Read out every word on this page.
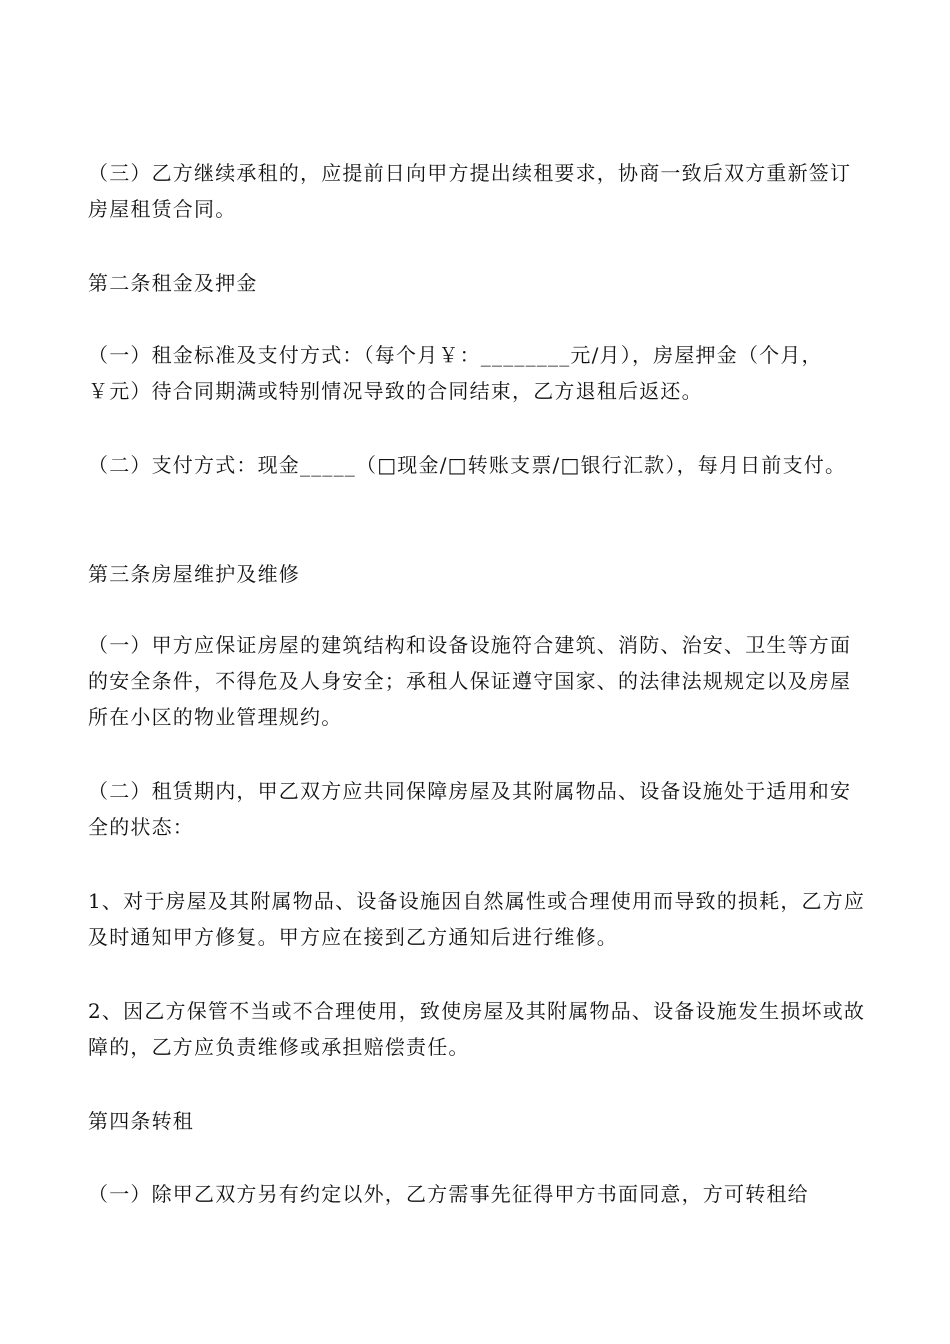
（三）乙方继续承租的，应提前日向甲方提出续租要求，协商一致后双方重新签订房屋租赁合同。

第二条租金及押金

（一）租金标准及支付方式：（每个月￥：________元/月），房屋押金（个月，￥元）待合同期满或特别情况导致的合同结束，乙方退租后返还。

（二）支付方式：现金_____（□现金/□转账支票/□银行汇款），每月日前支付。

第三条房屋维护及维修

（一）甲方应保证房屋的建筑结构和设备设施符合建筑、消防、治安、卫生等方面的安全条件，不得危及人身安全；承租人保证遵守国家、的法律法规规定以及房屋所在小区的物业管理规约。

（二）租赁期内，甲乙双方应共同保障房屋及其附属物品、设备设施处于适用和安全的状态：

1、对于房屋及其附属物品、设备设施因自然属性或合理使用而导致的损耗，乙方应及时通知甲方修复。甲方应在接到乙方通知后进行维修。

2、因乙方保管不当或不合理使用，致使房屋及其附属物品、设备设施发生损坏或故障的，乙方应负责维修或承担赔偿责任。

第四条转租

（一）除甲乙双方另有约定以外，乙方需事先征得甲方书面同意，方可转租给
